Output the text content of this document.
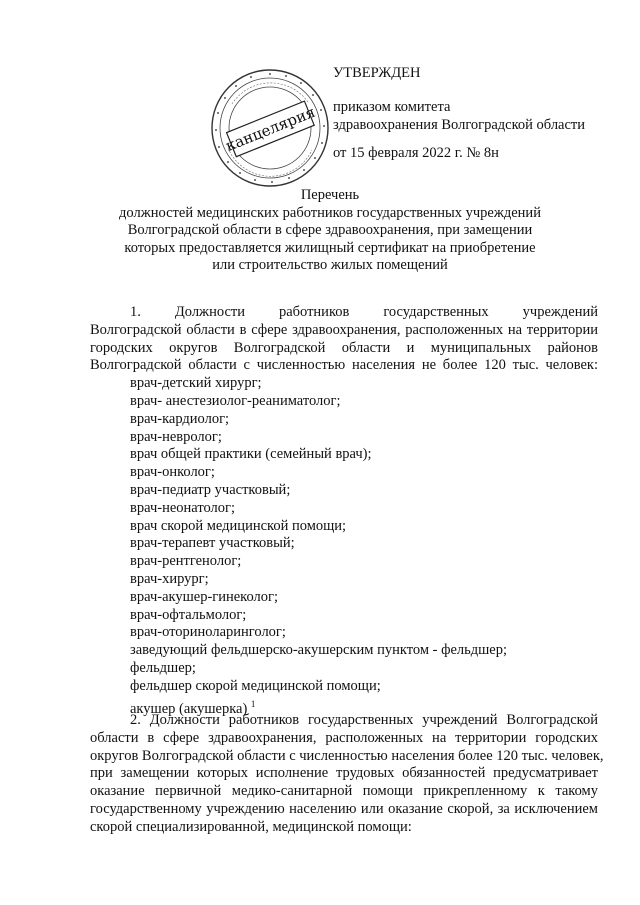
канцелярия
УТВЕРЖДЕН
приказом комитета
здравоохранения Волгоградской области
от 15 февраля 2022 г. № 8н
Перечень
должностей медицинских работников государственных учреждений
Волгоградской области в сфере здравоохранения, при замещении
которых предоставляется жилищный сертификат на приобретение
или строительство жилых помещений
1. Должности работников государственных учреждений
Волгоградской области в сфере здравоохранения, расположенных на территории
городских округов Волгоградской области и муниципальных районов
Волгоградской области с численностью населения не более 120 тыс. человек:
врач-детский хирург;
врач- анестезиолог-реаниматолог;
врач-кардиолог;
врач-невролог;
врач общей практики (семейный врач);
врач-онколог;
врач-педиатр участковый;
врач-неонатолог;
врач скорой медицинской помощи;
врач-терапевт участковый;
врач-рентгенолог;
врач-хирург;
врач-акушер-гинеколог;
врач-офтальмолог;
врач-оториноларинголог;
заведующий фельдшерско-акушерским пунктом - фельдшер;
фельдшер;
фельдшер скорой медицинской помощи;
акушер (акушерка) $^1$
2. Должности работников государственных учреждений Волгоградской
области в сфере здравоохранения, расположенных на территории городских
округов Волгоградской области с численностью населения более 120 тыс. человек,
при замещении которых исполнение трудовых обязанностей предусматривает
оказание первичной медико-санитарной помощи прикрепленному к такому
государственному учреждению населению или оказание скорой, за исключением
скорой специализированной, медицинской помощи:
